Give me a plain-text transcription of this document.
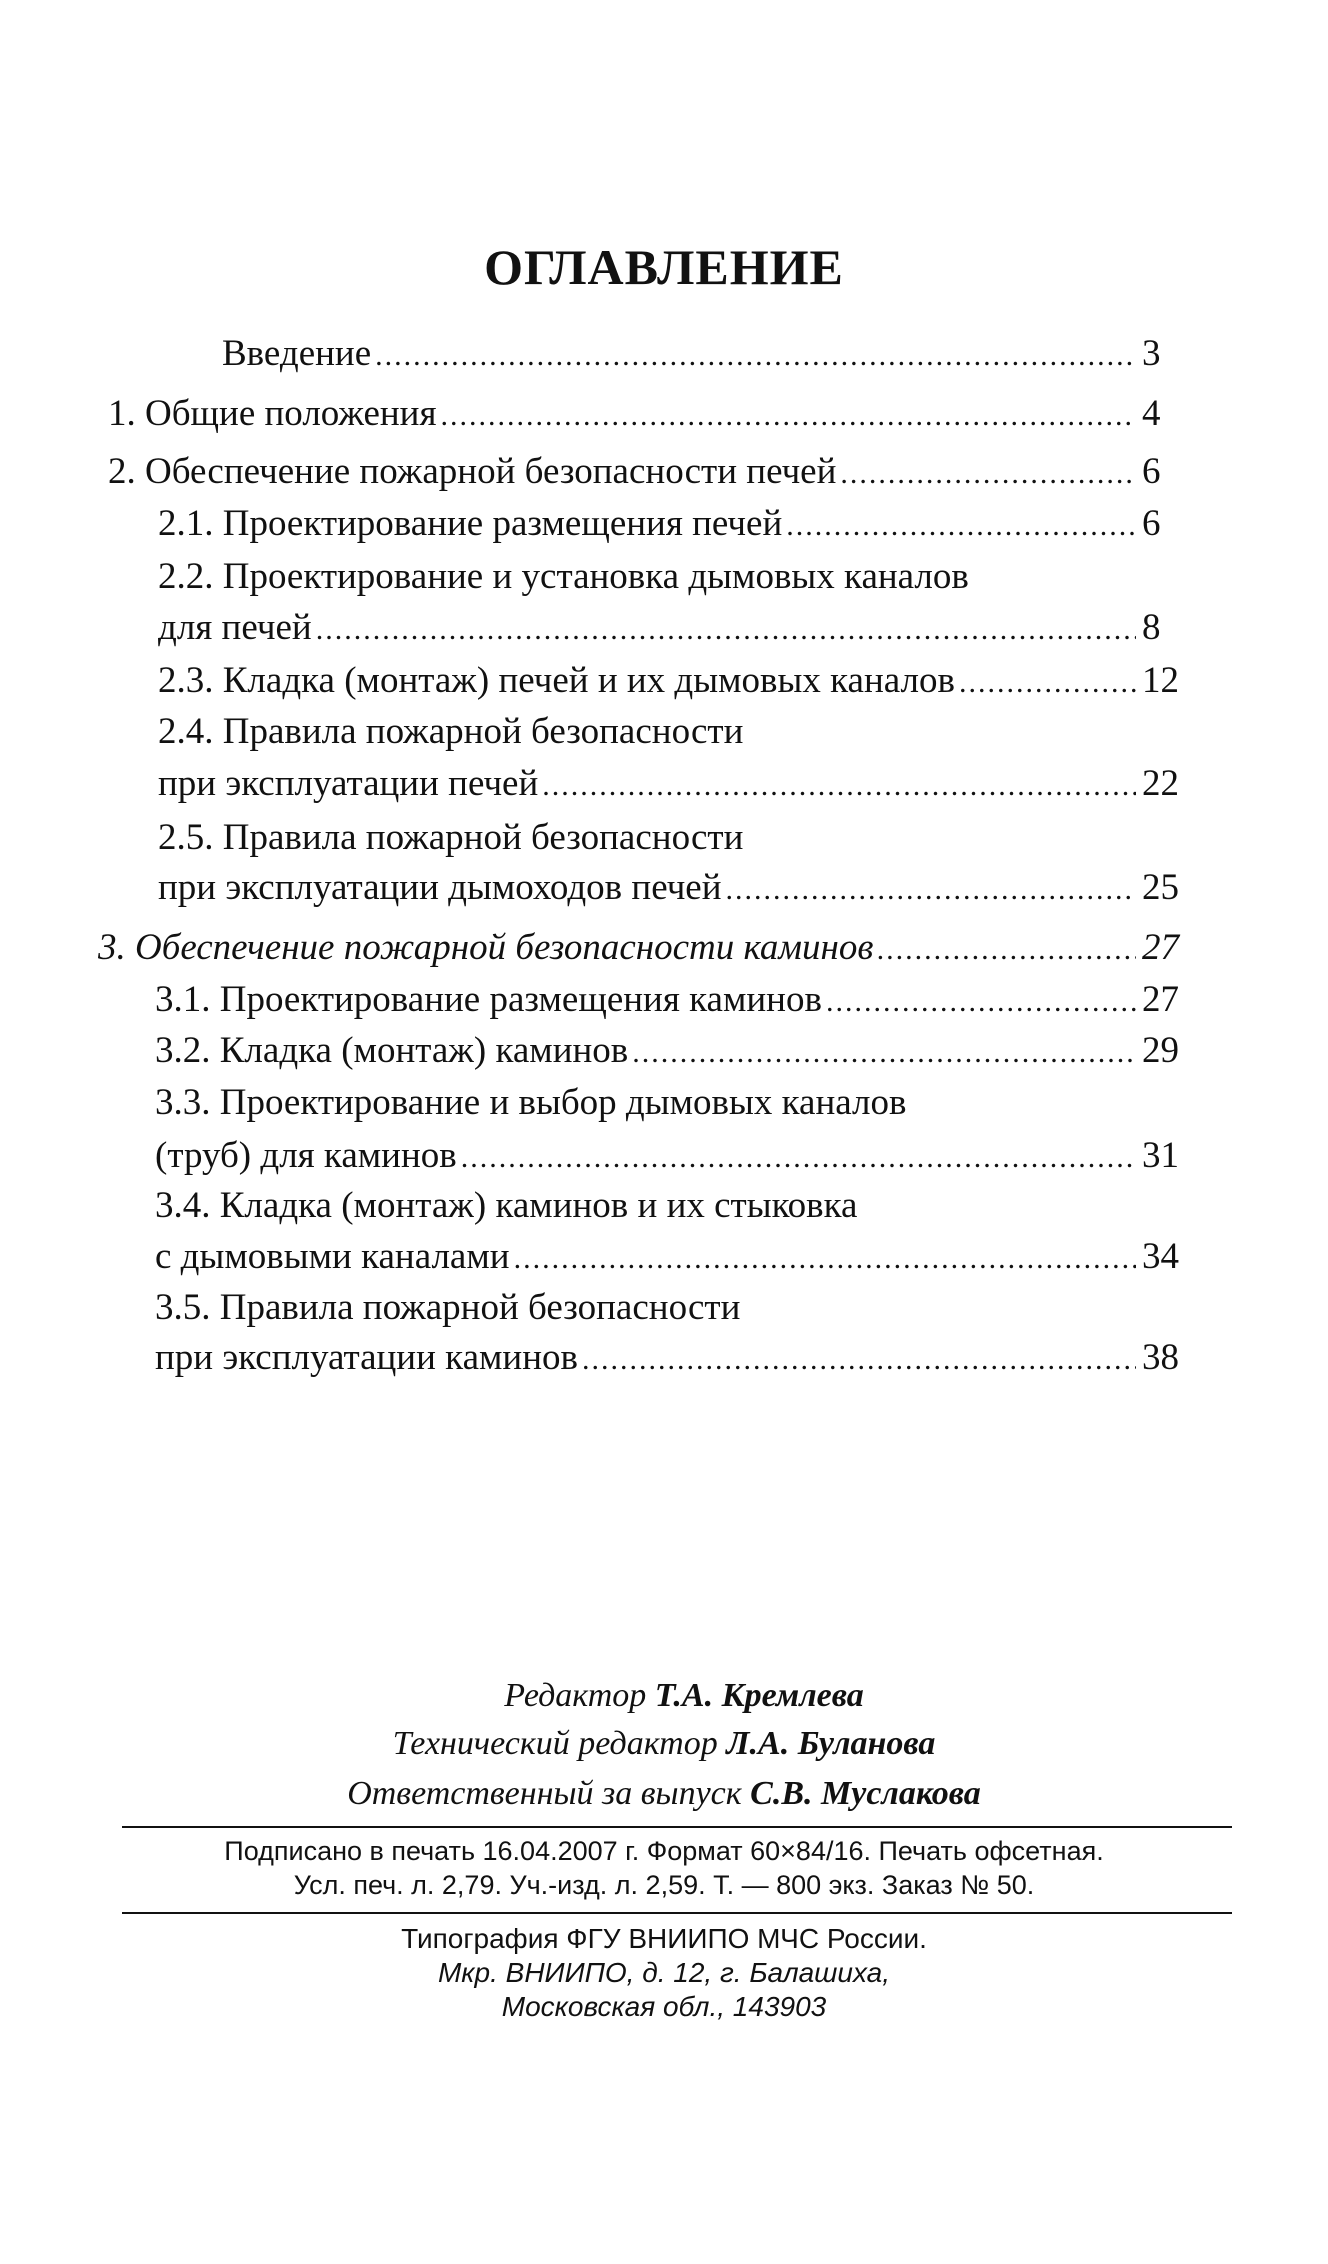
ОГЛАВЛЕНИЕ
Введение .....	3
1. Общие положения .....	4
2. Обеспечение пожарной безопасности печей .....	6
2.1. Проектирование размещения печей .....	6
2.2. Проектирование и установка дымовых каналов
для печей .....	8
2.3. Кладка (монтаж) печей и их дымовых каналов .....	12
2.4. Правила пожарной безопасности
при эксплуатации печей .....	22
2.5. Правила пожарной безопасности
при эксплуатации дымоходов печей .....	25
3. Обеспечение пожарной безопасности каминов .....	27
3.1. Проектирование размещения каминов .....	27
3.2. Кладка (монтаж) каминов .....	29
3.3. Проектирование и выбор дымовых каналов
(труб) для каминов .....	31
3.4. Кладка (монтаж) каминов и их стыковка
с дымовыми каналами .....	34
3.5. Правила пожарной безопасности
при эксплуатации каминов .....	38
Редактор Т.А. Кремлева
Технический редактор Л.А. Буланова
Ответственный за выпуск С.В. Муслакова
Подписано в печать 16.04.2007 г. Формат 60×84/16. Печать офсетная.
Усл. печ. л. 2,79. Уч.-изд. л. 2,59. Т. — 800 экз. Заказ № 50.
Типография ФГУ ВНИИПО МЧС России.
Мкр. ВНИИПО, д. 12, г. Балашиха,
Московская обл., 143903
